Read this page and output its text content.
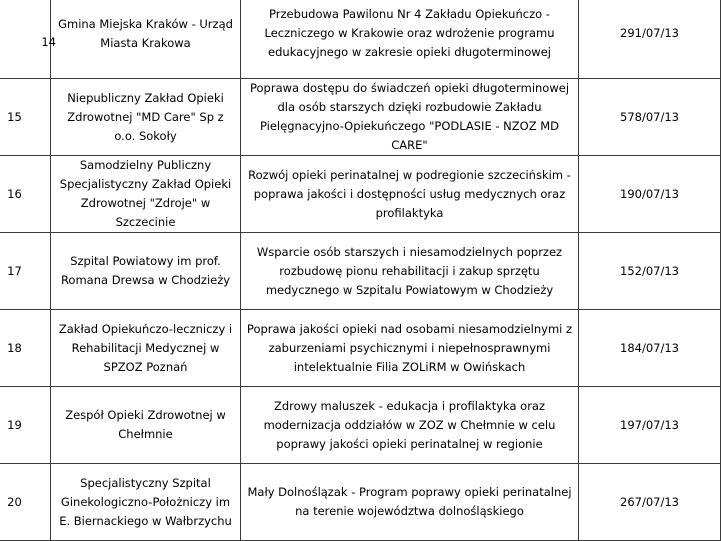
14	Gmina Miejska Kraków - Urząd Miasta Krakowa	Przebudowa Pawilonu Nr 4 Zakładu Opiekuńczo -Leczniczego w Krakowie oraz wdrożenie programu edukacyjnego w zakresie opieki długoterminowej	291/07/13
15	Niepubliczny Zakład Opieki Zdrowotnej "MD Care" Sp z o.o. Sokoły	Poprawa dostępu do świadczeń opieki długoterminowej dla osób starszych dzięki rozbudowie Zakładu Pielęgnacyjno-Opiekuńczego "PODLASIE - NZOZ MD CARE"	578/07/13
16	Samodzielny Publiczny Specjalistyczny Zakład Opieki Zdrowotnej "Zdroje" w Szczecinie	Rozwój opieki perinatalnej w podregionie szczecińskim -poprawa jakości i dostępności usług medycznych oraz profilaktyka	190/07/13
17	Szpital Powiatowy im prof. Romana Drewsa w Chodzieży	Wsparcie osób starszych i niesamodzielnych poprzez rozbudowę pionu rehabilitacji i zakup sprzętu medycznego w Szpitalu Powiatowym w Chodzieży	152/07/13
18	Zakład Opiekuńczo-leczniczy i Rehabilitacji Medycznej w SPZOZ Poznań	Poprawa jakości opieki nad osobami niesamodzielnymi z zaburzeniami psychicznymi i niepełnosprawnymi intelektualnie Filia ZOLiRM w Owińskach	184/07/13
19	Zespół Opieki Zdrowotnej w Chełmnie	Zdrowy maluszek - edukacja i profilaktyka oraz modernizacja oddziałów w ZOZ w Chełmnie w celu poprawy jakości opieki perinatalnej w regionie	197/07/13
20	Specjalistyczny Szpital Ginekologiczno-Położniczy im E. Biernackiego w Wałbrzychu	Mały Dolnoślązak - Program poprawy opieki perinatalnej na terenie województwa dolnośląskiego	267/07/13
